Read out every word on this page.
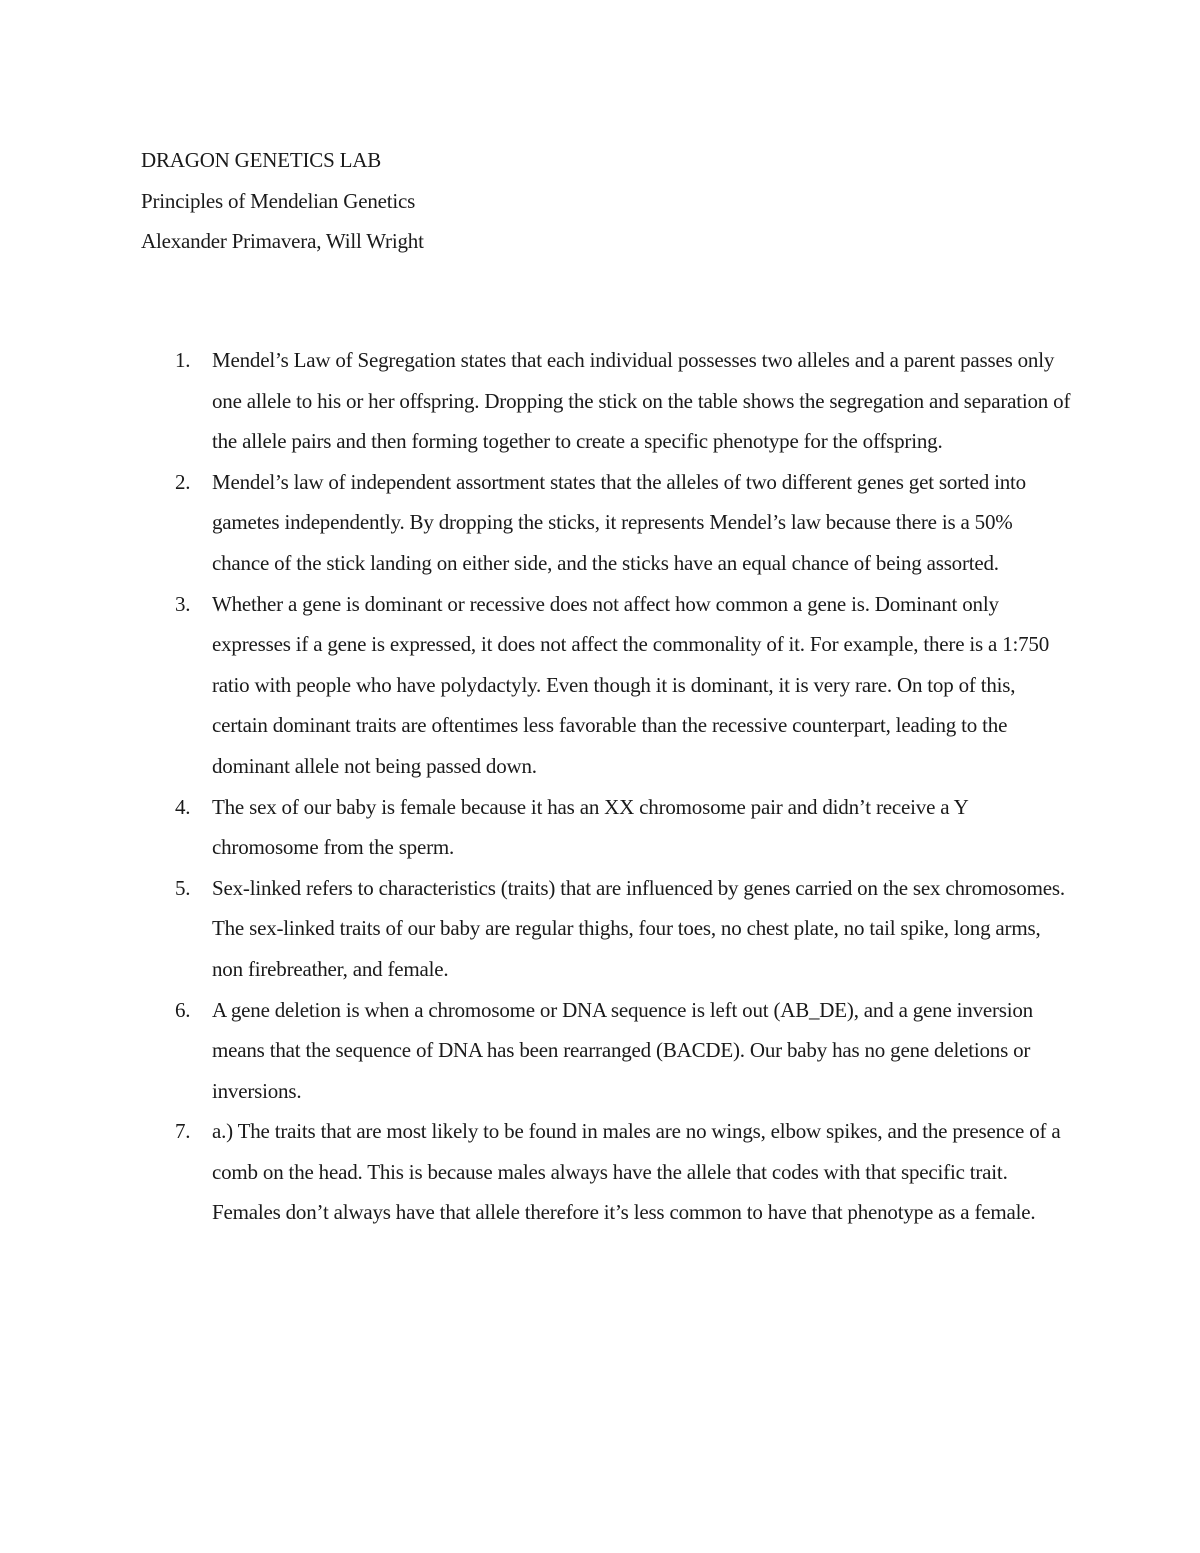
DRAGON GENETICS LAB
Principles of Mendelian Genetics
Alexander Primavera, Will Wright
1.	Mendel’s Law of Segregation states that each individual possesses two alleles and a parent passes only one allele to his or her offspring. Dropping the stick on the table shows the segregation and separation of the allele pairs and then forming together to create a specific phenotype for the offspring.
2.	Mendel’s law of independent assortment states that the alleles of two different genes get sorted into gametes independently. By dropping the sticks, it represents Mendel’s law because there is a 50% chance of the stick landing on either side, and the sticks have an equal chance of being assorted.
3.	Whether a gene is dominant or recessive does not affect how common a gene is. Dominant only expresses if a gene is expressed, it does not affect the commonality of it. For example, there is a 1:750 ratio with people who have polydactyly. Even though it is dominant, it is very rare. On top of this, certain dominant traits are oftentimes less favorable than the recessive counterpart, leading to the dominant allele not being passed down.
4.	The sex of our baby is female because it has an XX chromosome pair and didn’t receive a Y chromosome from the sperm.
5.	Sex-linked refers to characteristics (traits) that are influenced by genes carried on the sex chromosomes. The sex-linked traits of our baby are regular thighs, four toes, no chest plate, no tail spike, long arms, non firebreather, and female.
6.	A gene deletion is when a chromosome or DNA sequence is left out (AB_DE), and a gene inversion means that the sequence of DNA has been rearranged (BACDE). Our baby has no gene deletions or inversions.
7.	a.) The traits that are most likely to be found in males are no wings, elbow spikes, and the presence of a comb on the head. This is because males always have the allele that codes with that specific trait. Females don’t always have that allele therefore it’s less common to have that phenotype as a female.
